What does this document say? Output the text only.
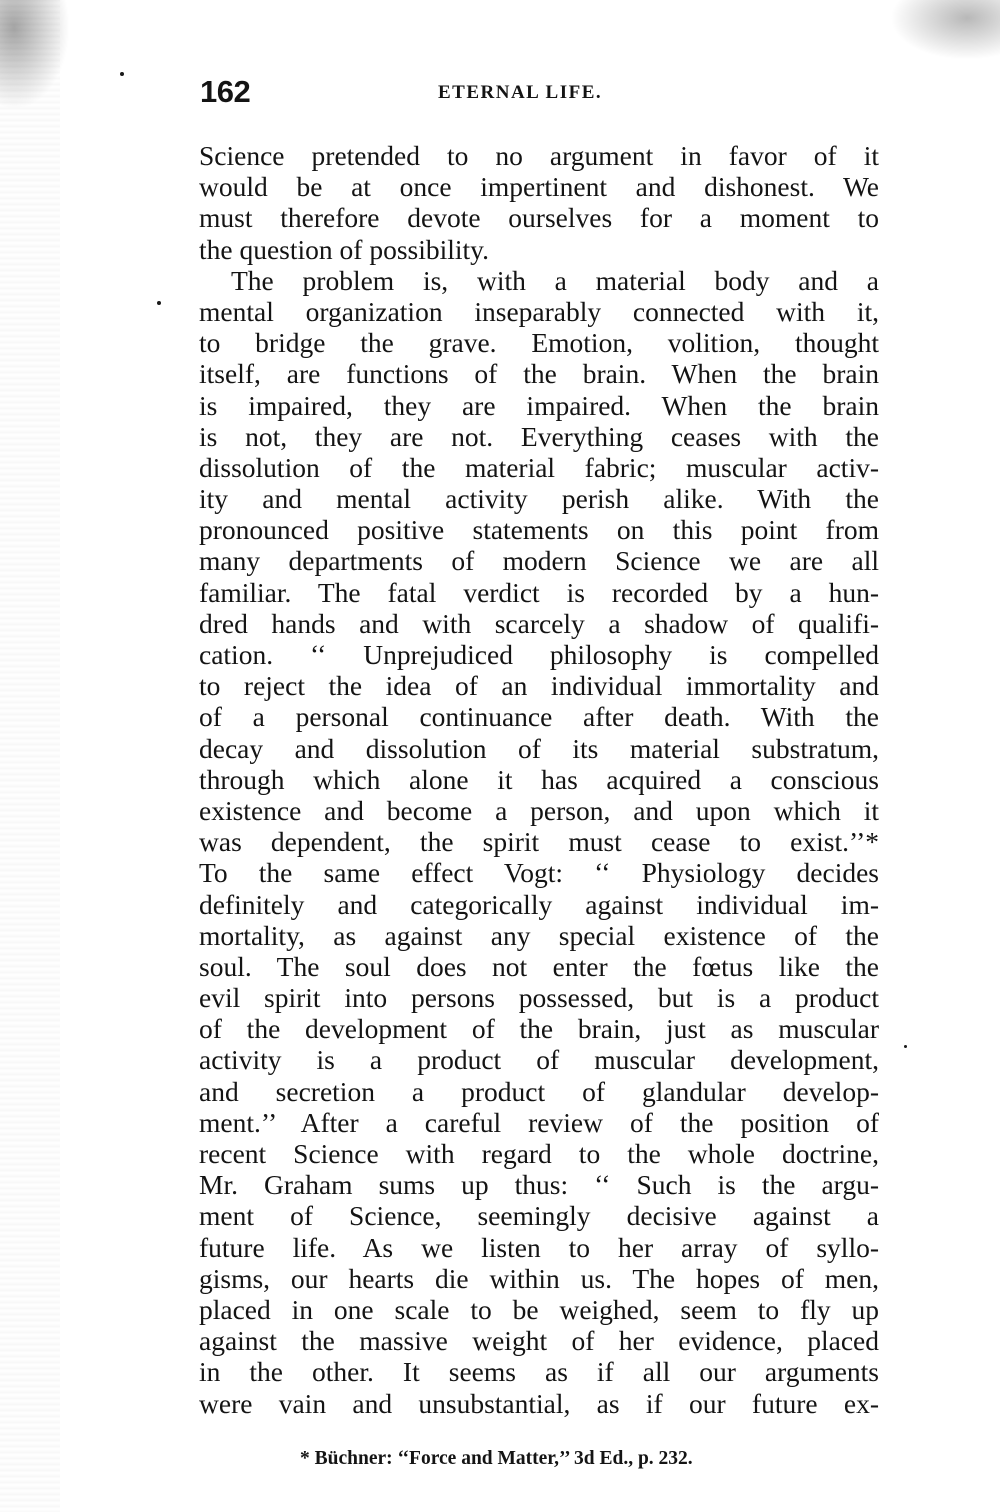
162	ETERNAL LIFE.
Science pretended to no argument in favor of it
would be at once impertinent and dishonest. We
must therefore devote ourselves for a moment to
the question of possibility.
The problem is, with a material body and a
mental organization inseparably connected with it,
to bridge the grave. Emotion, volition, thought
itself, are functions of the brain. When the brain
is impaired, they are impaired. When the brain
is not, they are not. Everything ceases with the
dissolution of the material fabric; muscular activ-
ity and mental activity perish alike. With the
pronounced positive statements on this point from
many departments of modern Science we are all
familiar. The fatal verdict is recorded by a hun-
dred hands and with scarcely a shadow of qualifi-
cation. ‘‘ Unprejudiced philosophy is compelled
to reject the idea of an individual immortality and
of a personal continuance after death. With the
decay and dissolution of its material substratum,
through which alone it has acquired a conscious
existence and become a person, and upon which it
was dependent, the spirit must cease to exist.’’*
To the same effect Vogt: ‘‘ Physiology decides
definitely and categorically against individual im-
mortality, as against any special existence of the
soul. The soul does not enter the fœtus like the
evil spirit into persons possessed, but is a product
of the development of the brain, just as muscular
activity is a product of muscular development,
and secretion a product of glandular develop-
ment.’’ After a careful review of the position of
recent Science with regard to the whole doctrine,
Mr. Graham sums up thus: ‘‘ Such is the argu-
ment of Science, seemingly decisive against a
future life. As we listen to her array of syllo-
gisms, our hearts die within us. The hopes of men,
placed in one scale to be weighed, seem to fly up
against the massive weight of her evidence, placed
in the other. It seems as if all our arguments
were vain and unsubstantial, as if our future ex-
* Büchner: ‘‘Force and Matter,’’ 3d Ed., p. 232.
